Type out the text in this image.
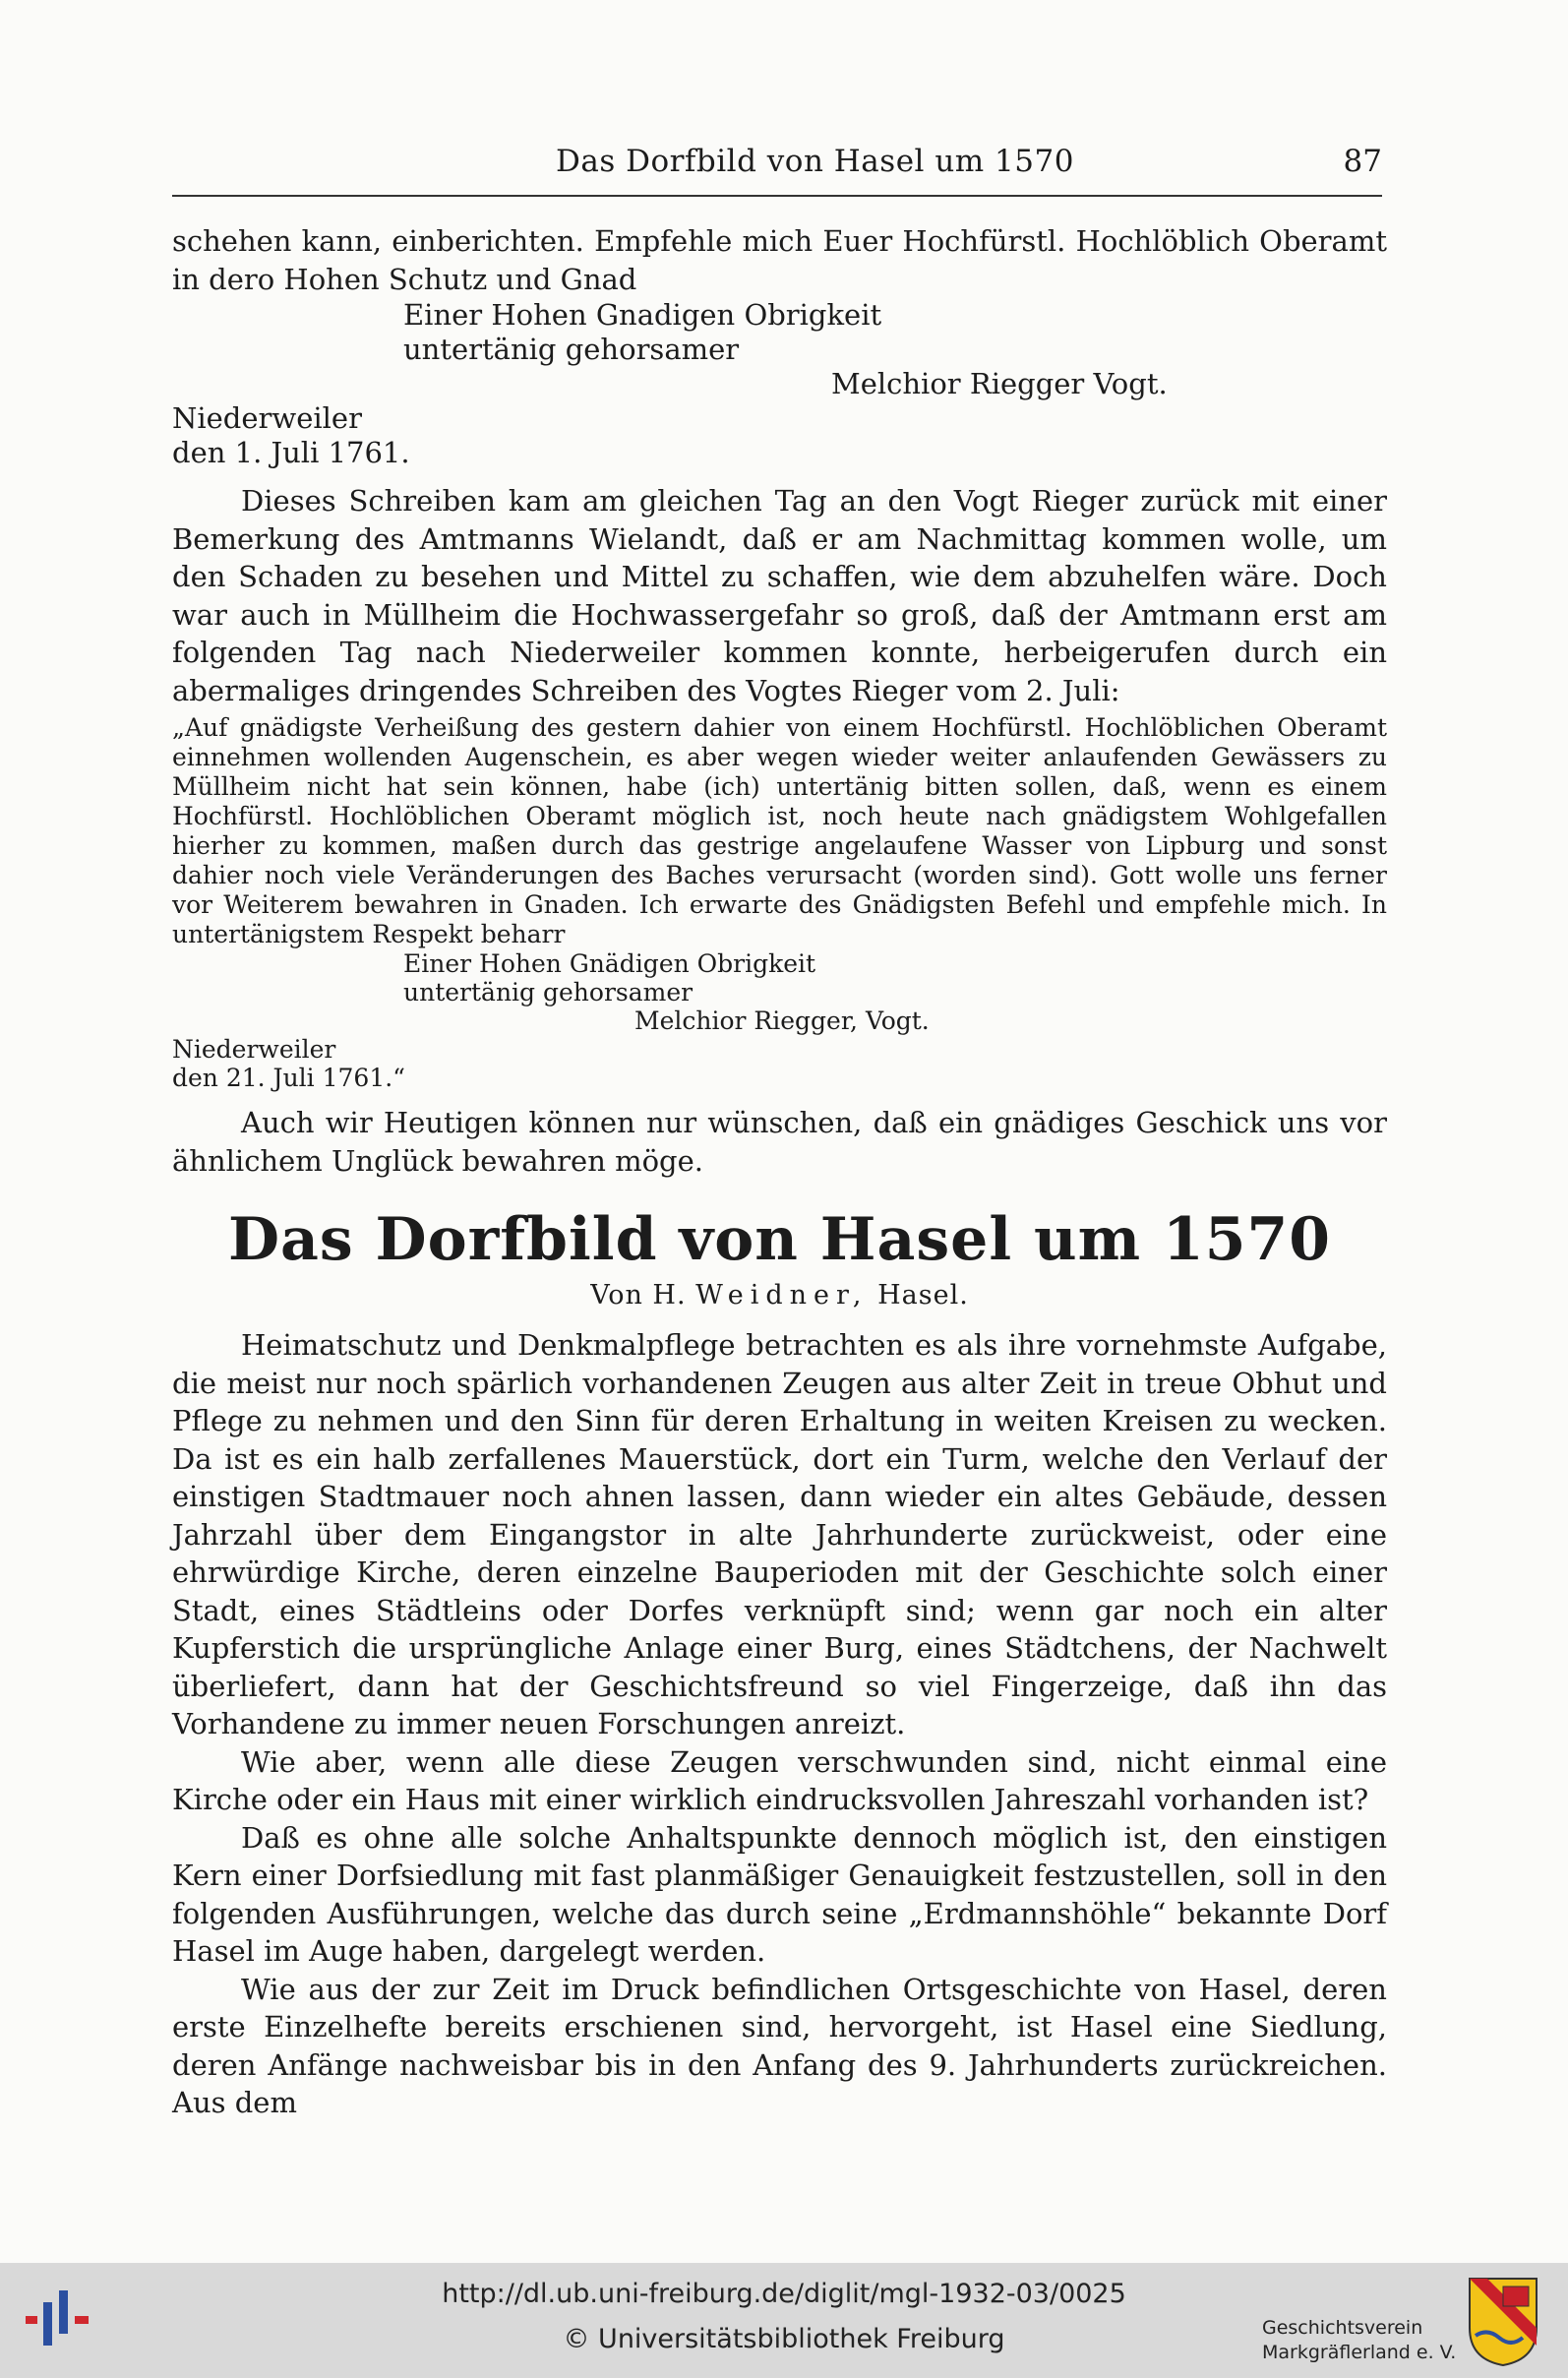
Das Dorfbild von Hasel um 1570	87

schehen kann, einberichten. Empfehle mich Euer Hochfürstl. Hochlöblich Oberamt in dero Hohen Schutz und Gnad

Einer Hohen Gnadigen Obrigkeit
untertänig gehorsamer
Melchior Riegger Vogt.
Niederweiler
den 1. Juli 1761.

Dieses Schreiben kam am gleichen Tag an den Vogt Rieger zurück mit einer Bemerkung des Amtmanns Wielandt, daß er am Nachmittag kommen wolle, um den Schaden zu besehen und Mittel zu schaffen, wie dem abzuhelfen wäre. Doch war auch in Müllheim die Hochwassergefahr so groß, daß der Amtmann erst am folgenden Tag nach Niederweiler kommen konnte, herbeigerufen durch ein abermaliges dringendes Schreiben des Vogtes Rieger vom 2. Juli:

„Auf gnädigste Verheißung des gestern dahier von einem Hochfürstl. Hochlöblichen Oberamt einnehmen wollenden Augenschein, es aber wegen wieder weiter anlaufenden Gewässers zu Müllheim nicht hat sein können, habe (ich) untertänig bitten sollen, daß, wenn es einem Hochfürstl. Hochlöblichen Oberamt möglich ist, noch heute nach gnädigstem Wohlgefallen hierher zu kommen, maßen durch das gestrige angelaufene Wasser von Lipburg und sonst dahier noch viele Veränderungen des Baches verursacht (worden sind). Gott wolle uns ferner vor Weiterem bewahren in Gnaden. Ich erwarte des Gnädigsten Befehl und empfehle mich. In untertänigstem Respekt beharr

Einer Hohen Gnädigen Obrigkeit
untertänig gehorsamer
Melchior Riegger, Vogt.
Niederweiler
den 21. Juli 1761.“

Auch wir Heutigen können nur wünschen, daß ein gnädiges Geschick uns vor ähnlichem Unglück bewahren möge.

Das Dorfbild von Hasel um 1570
Von H. Weidner, Hasel.

Heimatschutz und Denkmalpflege betrachten es als ihre vornehmste Aufgabe, die meist nur noch spärlich vorhandenen Zeugen aus alter Zeit in treue Obhut und Pflege zu nehmen und den Sinn für deren Erhaltung in weiten Kreisen zu wecken. Da ist es ein halb zerfallenes Mauerstück, dort ein Turm, welche den Verlauf der einstigen Stadtmauer noch ahnen lassen, dann wieder ein altes Gebäude, dessen Jahrzahl über dem Eingangstor in alte Jahrhunderte zurückweist, oder eine ehrwürdige Kirche, deren einzelne Bauperioden mit der Geschichte solch einer Stadt, eines Städtleins oder Dorfes verknüpft sind; wenn gar noch ein alter Kupferstich die ursprüngliche Anlage einer Burg, eines Städtchens, der Nachwelt überliefert, dann hat der Geschichtsfreund so viel Fingerzeige, daß ihn das Vorhandene zu immer neuen Forschungen anreizt.

Wie aber, wenn alle diese Zeugen verschwunden sind, nicht einmal eine Kirche oder ein Haus mit einer wirklich eindrucksvollen Jahreszahl vorhanden ist?

Daß es ohne alle solche Anhaltspunkte dennoch möglich ist, den einstigen Kern einer Dorfsiedlung mit fast planmäßiger Genauigkeit festzustellen, soll in den folgenden Ausführungen, welche das durch seine „Erdmannshöhle“ bekannte Dorf Hasel im Auge haben, dargelegt werden.

Wie aus der zur Zeit im Druck befindlichen Ortsgeschichte von Hasel, deren erste Einzelhefte bereits erschienen sind, hervorgeht, ist Hasel eine Siedlung, deren Anfänge nachweisbar bis in den Anfang des 9. Jahrhunderts zurückreichen. Aus dem

http://dl.ub.uni-freiburg.de/diglit/mgl-1932-03/0025
© Universitätsbibliothek Freiburg	Geschichtsverein
Markgräflerland e. V.
